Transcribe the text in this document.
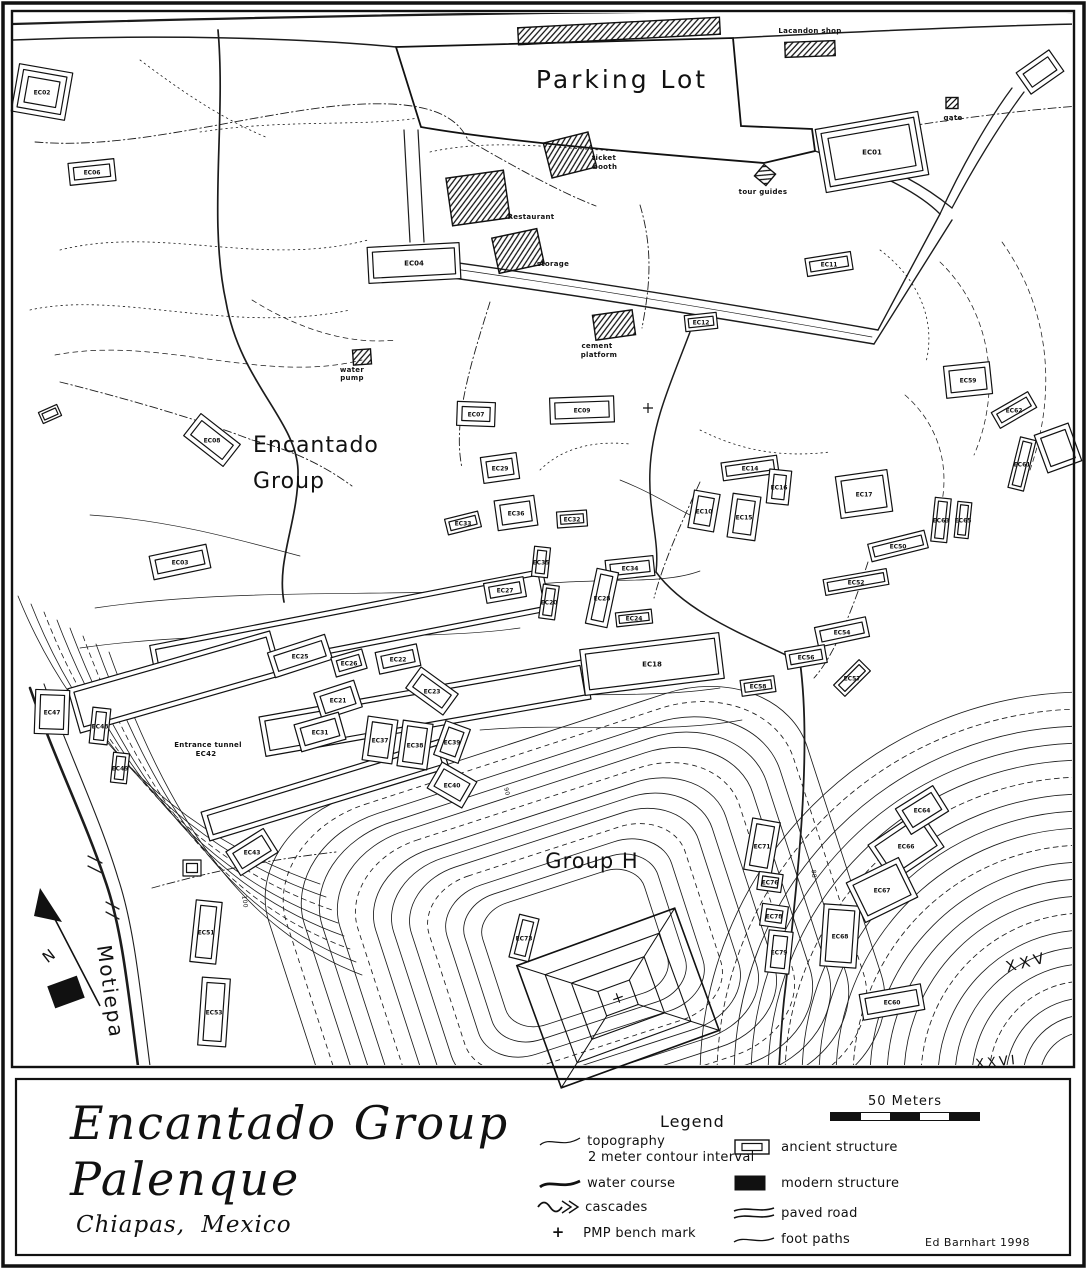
EC02
EC06
EC01
EC04	EC11
EC12
EC07
EC09
EC08
EC03
EC29
EC36
EC33
EC32
EC35
EC34
EC27
EC20
EC28
EC24
EC18
EC23
EC14
EC10
EC15
EC16
EC17
EC50
EC52
EC54
EC56
EC58
EC57
EC59
EC62
EC61
EC63 EC65
EC25
EC26
EC22
EC21
EC31
EC37
EC38	EC39
EC40
EC47
EC48
EC49
EC43
EC51
EC53
EC71
EC76
EC78
EC79
EC68
EC66
EC67
EC64
EC60
EC73
Parking Lot
Encantado
Group
Group H
Motiepa	XXV
XXVI
N
Lacandon shop
ticket
booth
Restaurant
storage
cement
platform
water
pump
tour guides
gate
Entrance tunnel
EC42
90
100
88
Encantado Group
Palenque
Chiapas, Mexico
Legend
topography
2 meter contour interval
water course
cascades
+ PMP bench mark
ancient structure
modern structure
paved road
foot paths
50 Meters
Ed Barnhart 1998
